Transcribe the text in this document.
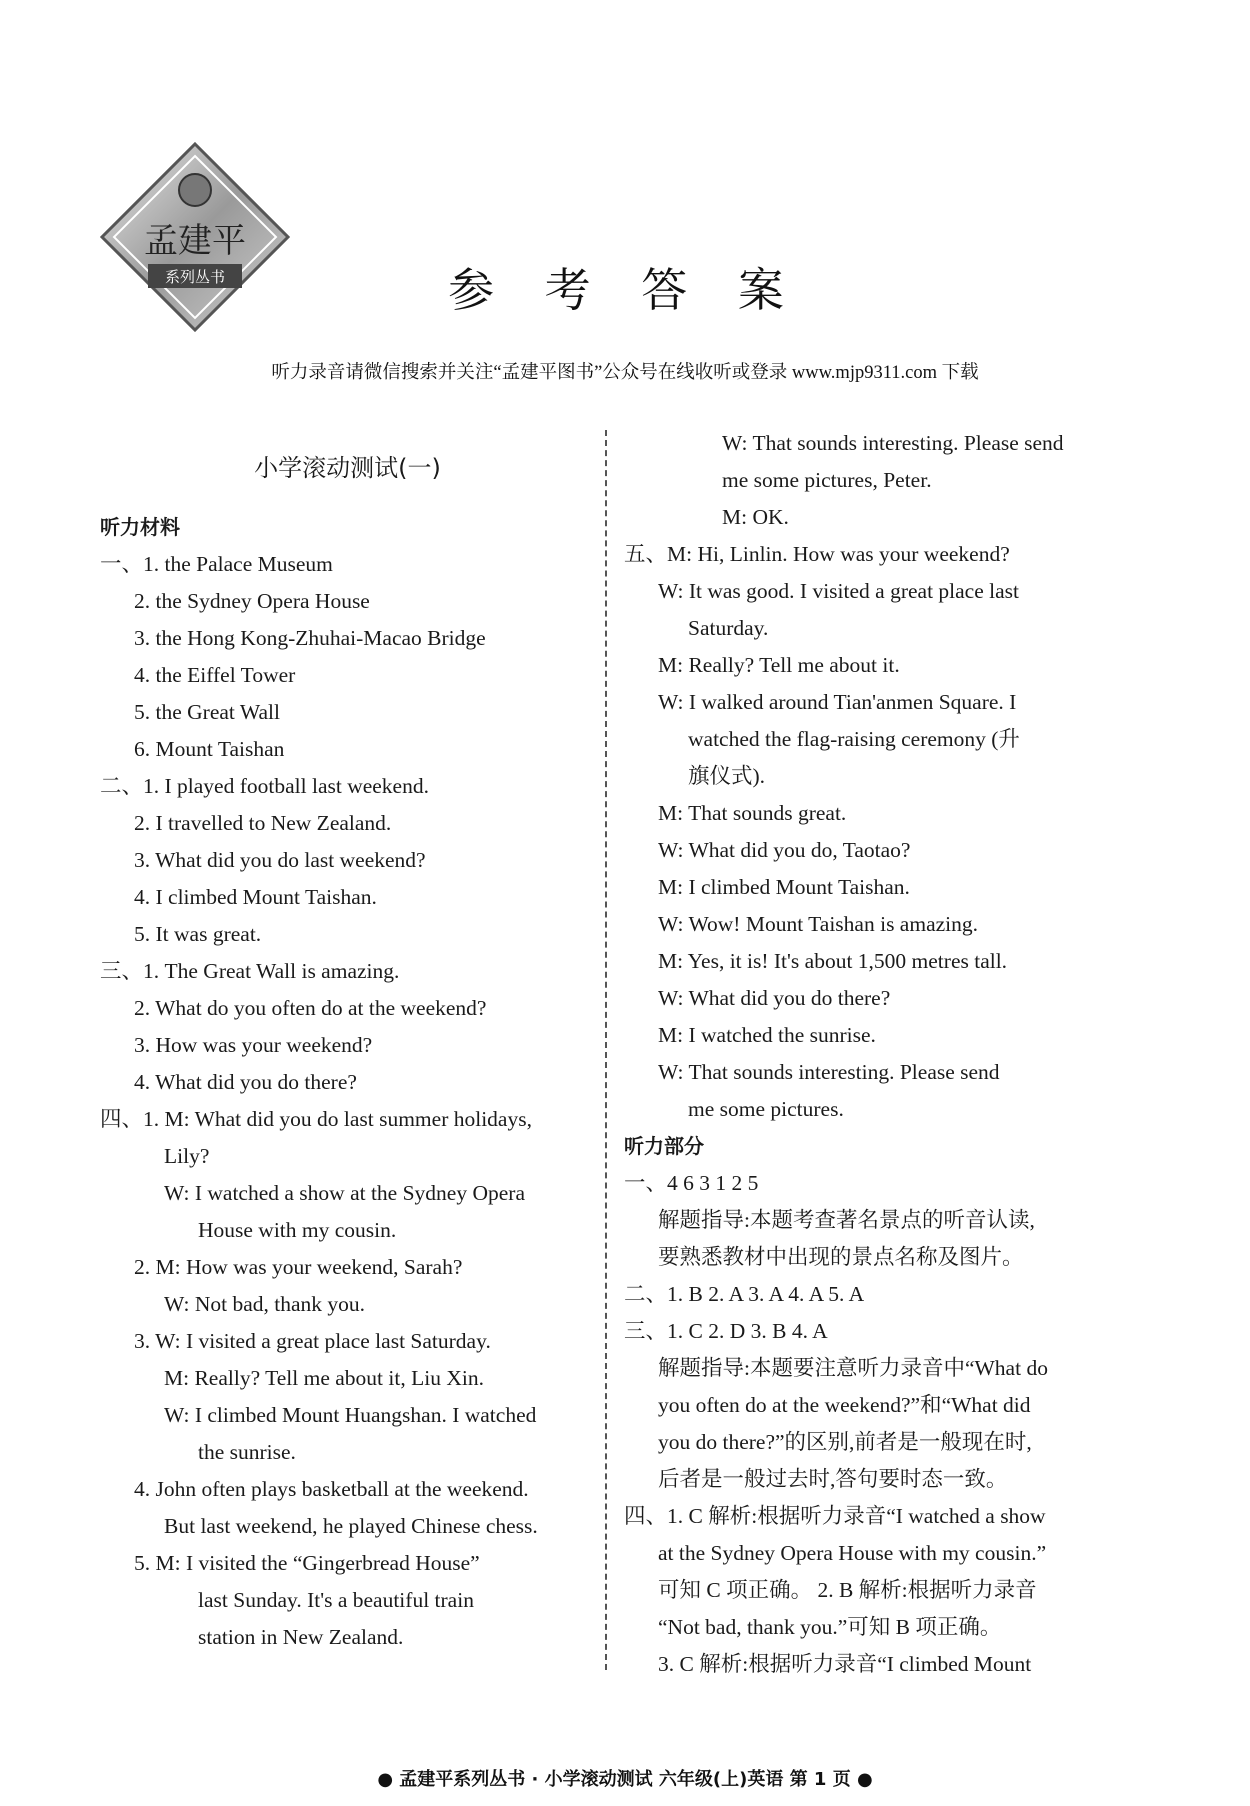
孟建平
系列丛书	参 考 答 案
听力录音请微信搜索并关注“孟建平图书”公众号在线收听或登录 www.mjp9311.com 下载
小学滚动测试(一)
听力材料
一、1. the Palace Museum
2. the Sydney Opera House
3. the Hong Kong-Zhuhai-Macao Bridge
4. the Eiffel Tower
5. the Great Wall
6. Mount Taishan
二、1. I played football last weekend.
2. I travelled to New Zealand.
3. What did you do last weekend?
4. I climbed Mount Taishan.
5. It was great.
三、1. The Great Wall is amazing.
2. What do you often do at the weekend?
3. How was your weekend?
4. What did you do there?
四、1. M: What did you do last summer holidays,
Lily?
W: I watched a show at the Sydney Opera
House with my cousin.
2. M: How was your weekend, Sarah?
W: Not bad, thank you.
3. W: I visited a great place last Saturday.
M: Really? Tell me about it, Liu Xin.
W: I climbed Mount Huangshan. I watched
the sunrise.
4. John often plays basketball at the weekend.
But last weekend, he played Chinese chess.
5. M: I visited the “Gingerbread House”
last Sunday. It's a beautiful train
station in New Zealand.
W: That sounds interesting. Please send
me some pictures, Peter.
M: OK.
五、M: Hi, Linlin. How was your weekend?
W: It was good. I visited a great place last
Saturday.
M: Really? Tell me about it.
W: I walked around Tian'anmen Square. I
watched the flag-raising ceremony (升
旗仪式).
M: That sounds great.
W: What did you do, Taotao?
M: I climbed Mount Taishan.
W: Wow! Mount Taishan is amazing.
M: Yes, it is! It's about 1,500 metres tall.
W: What did you do there?
M: I watched the sunrise.
W: That sounds interesting. Please send
me some pictures.
听力部分
一、4 6 3 1 2 5
解题指导:本题考查著名景点的听音认读,
要熟悉教材中出现的景点名称及图片。
二、1. B 2. A 3. A 4. A 5. A
三、1. C 2. D 3. B 4. A
解题指导:本题要注意听力录音中“What do
you often do at the weekend?”和“What did
you do there?”的区别,前者是一般现在时,
后者是一般过去时,答句要时态一致。
四、1. C 解析:根据听力录音“I watched a show
at the Sydney Opera House with my cousin.”
可知 C 项正确。 2. B 解析:根据听力录音
“Not bad, thank you.”可知 B 项正确。
3. C 解析:根据听力录音“I climbed Mount
● 孟建平系列丛书 · 小学滚动测试 六年级(上)英语 第 1 页 ●
